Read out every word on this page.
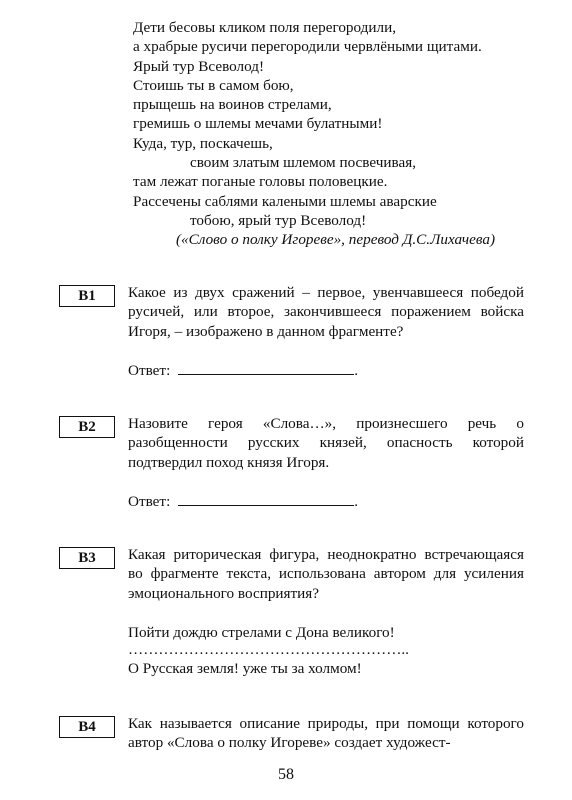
Дети бесовы кликом поля перегородили,
а храбрые русичи перегородили червлёными щитами.
Ярый тур Всеволод!
Стоишь ты в самом бою,
прыщешь на воинов стрелами,
гремишь о шлемы мечами булатными!
Куда, тур, поскачешь,
своим златым шлемом посвечивая,
там лежат поганые головы половецкие.
Рассечены саблями калеными шлемы аварские
тобою, ярый тур Всеволод!
(«Слово о полку Игореве», перевод Д.С.Лихачева)
В1	Какое из двух сражений – первое, увенчавшееся победой русичей, или второе, закончившееся поражением войска Игоря, – изображено в данном фрагменте?
Ответ:	.
В2	Назовите героя «Слова…», произнесшего речь о разобщенности русских князей, опасность которой подтвердил поход князя Игоря.
Ответ:	.
В3	Какая риторическая фигура, неоднократно встречающаяся во фрагменте текста, использована автором для усиления эмоционального восприятия?
Пойти дождю стрелами с Дона великого!
………………………………………………..
О Русская земля! уже ты за холмом!
В4	Как называется описание природы, при помощи которого автор «Слова о полку Игореве» создает художест-
58
